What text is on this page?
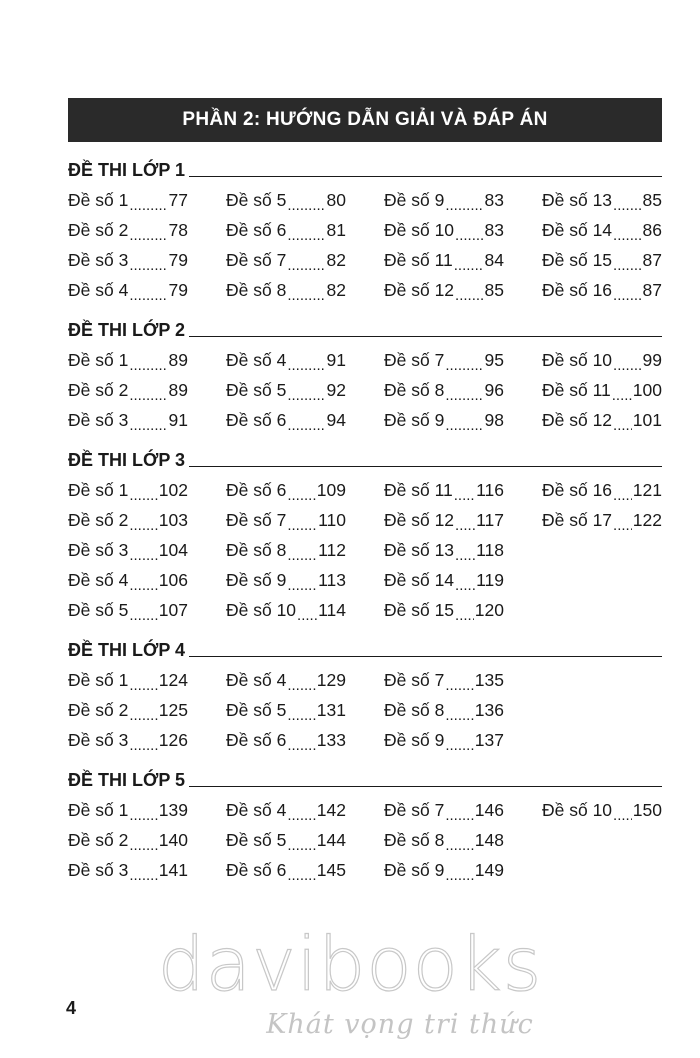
PHẦN 2: HƯỚNG DẪN GIẢI VÀ ĐÁP ÁN
ĐỀ THI LỚP 1
Đề số 1 ..... 77 Đề số 5 ..... 80 Đề số 9 ..... 83 Đề số 13 ..... 85
Đề số 2 ..... 78 Đề số 6 ..... 81 Đề số 10 ..... 83 Đề số 14 ..... 86
Đề số 3 ..... 79 Đề số 7 ..... 82 Đề số 11 ..... 84 Đề số 15 ..... 87
Đề số 4 ..... 79 Đề số 8 ..... 82 Đề số 12 ..... 85 Đề số 16 ..... 87
ĐỀ THI LỚP 2
Đề số 1 ..... 89 Đề số 4 ..... 91 Đề số 7 ..... 95 Đề số 10 ..... 99
Đề số 2 ..... 89 Đề số 5 ..... 92 Đề số 8 ..... 96 Đề số 11 ..... 100
Đề số 3 ..... 91 Đề số 6 ..... 94 Đề số 9 ..... 98 Đề số 12 ..... 101
ĐỀ THI LỚP 3
Đề số 1 ..... 102 Đề số 6 ..... 109 Đề số 11 ..... 116 Đề số 16 ..... 121
Đề số 2 ..... 103 Đề số 7 ..... 110 Đề số 12 ..... 117 Đề số 17 ..... 122
Đề số 3 ..... 104 Đề số 8 ..... 112 Đề số 13 ..... 118
Đề số 4 ..... 106 Đề số 9 ..... 113 Đề số 14 ..... 119
Đề số 5 ..... 107 Đề số 10 ..... 114 Đề số 15 ..... 120
ĐỀ THI LỚP 4
Đề số 1 ..... 124 Đề số 4 ..... 129 Đề số 7 ..... 135
Đề số 2 ..... 125 Đề số 5 ..... 131 Đề số 8 ..... 136
Đề số 3 ..... 126 Đề số 6 ..... 133 Đề số 9 ..... 137
ĐỀ THI LỚP 5
Đề số 1 ..... 139 Đề số 4 ..... 142 Đề số 7 ..... 146 Đề số 10 ..... 150
Đề số 2 ..... 140 Đề số 5 ..... 144 Đề số 8 ..... 148
Đề số 3 ..... 141 Đề số 6 ..... 145 Đề số 9 ..... 149
4 davibooks
Khát vọng tri thức
